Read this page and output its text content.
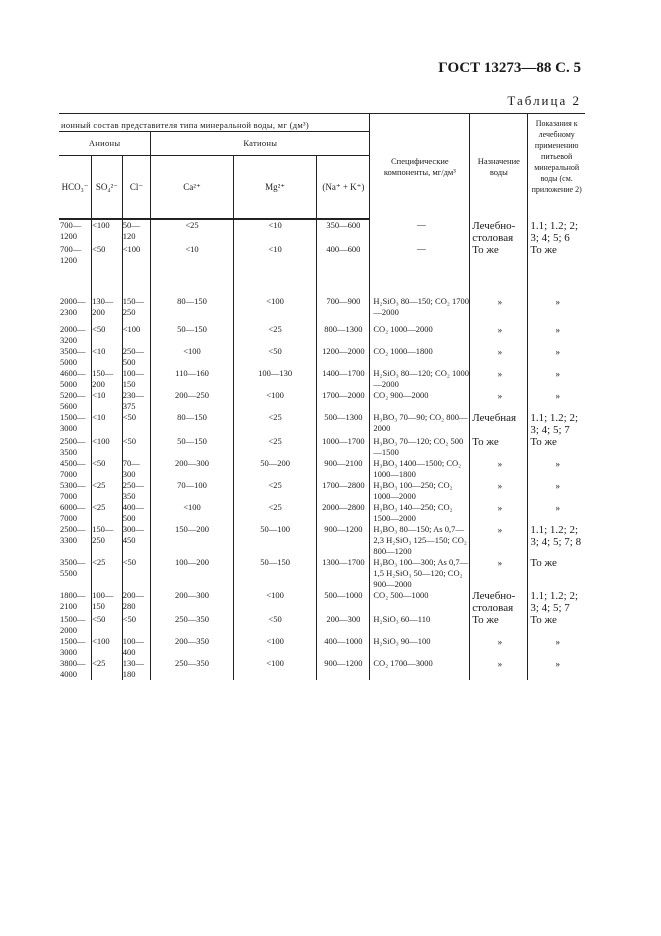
ГОСТ 13273—88 С. 5
Таблица 2
ионный состав представителя типа минеральной воды, мг (дм³)						Специфические компоненты, мг/дм³	Назначение воды	Показания к лечебному применению питьевой минеральной воды (см. приложение 2)
Анионы			Катионы					
HCO₃⁻	SO₄²⁻	Cl⁻	Ca²⁺	Mg²⁺	(Na⁺ + K⁺)			

700—1200	<100	50—120	<25	<10	350—600	—	Лечебно-столовая	1.1; 1.2; 2; 3; 4; 5; 6
700—1200	<50	<100	<10	<10	400—600	—	То же	То же
2000—2300	130—200	150—250	80—150	<100	700—900	H₂SiO₃ 80—150; CO₂ 1700—2000	»	»
2000—3200	<50	<100	50—150	<25	800—1300	CO₂ 1000—2000	»	»
3500—5000	<10	250—500	<100	<50	1200—2000	CO₂ 1000—1800	»	»
4600—5000	150—200	100—150	110—160	100—130	1400—1700	H₂SiO₃ 80—120; CO₂ 1000—2000	»	»
5200—5600	<10	230—375	200—250	<100	1700—2000	CO₂ 900—2000	»	»
1500—3000	<10	<50	80—150	<25	500—1300	H₃BO₃ 70—90; CO₂ 800—2000	Лечебная	1.1; 1.2; 2; 3; 4; 5; 7
2500—3500	<100	<50	50—150	<25	1000—1700	H₃BO₃ 70—120; CO₂ 500—1500	То же	То же
4500—7000	<50	70—300	200—300	50—200	900—2100	H₃BO₃ 1400—1500; CO₂ 1000—1800	»	»
5300—7000	<25	250—350	70—100	<25	1700—2800	H₃BO₃ 100—250; CO₂ 1000—2000	»	»
6000—7000	<25	400—500	<100	<25	2000—2800	H₃BO₃ 140—250; CO₂ 1500—2000	»	»
2500—3300	150—250	300—450	150—200	50—100	900—1200	H₃BO₃ 80—150; As 0,7—2,3 H₂SiO₃ 125—150; CO₂ 800—1200	»	1.1; 1.2; 2; 3; 4; 5; 7; 8
3500—5500	<25	<50	100—200	50—150	1300—1700	H₃BO₃ 100—300; As 0,7—1,5 H₂SiO₃ 50—120; CO₂ 900—2000	»	То же
1800—2100	100—150	200—280	200—300	<100	500—1000	CO₂ 500—1000	Лечебно-столовая	1.1; 1.2; 2; 3; 4; 5; 7
1500—2000	<50	<50	250—350	<50	200—300	H₂SiO₃ 60—110	То же	То же
1500—3000	<100	100—400	200—350	<100	400—1000	H₂SiO₃ 90—100	»	»
3800—4000	<25	130—180	250—350	<100	900—1200	CO₂ 1700—3000	»	»
